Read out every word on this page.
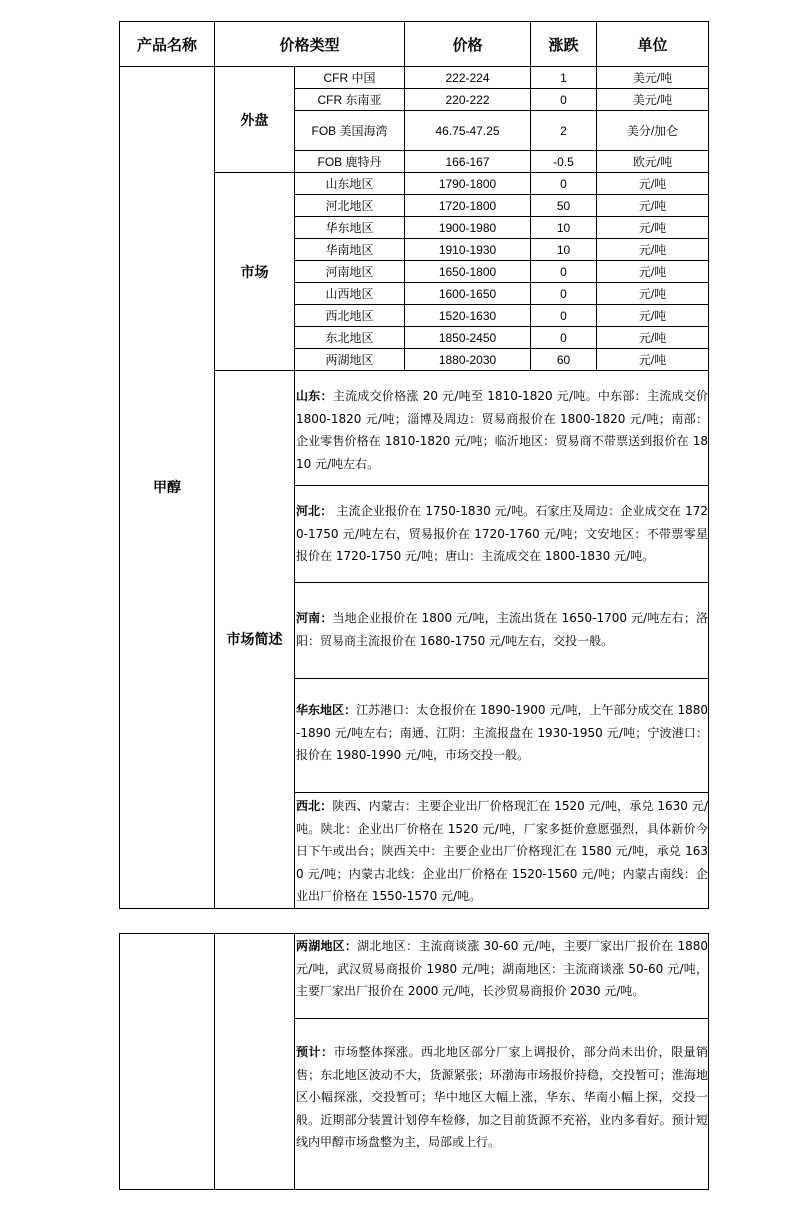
产品名称	价格类型		价格	涨跌	单位
甲醇	外盘	CFR 中国	222-224	1	美元/吨
		CFR 东南亚	220-222	0	美元/吨
		FOB 美国海湾	46.75-47.25	2	美分/加仑
		FOB 鹿特丹	166-167	-0.5	欧元/吨
	市场	山东地区	1790-1800	0	元/吨
		河北地区	1720-1800	50	元/吨
		华东地区	1900-1980	10	元/吨
		华南地区	1910-1930	10	元/吨
		河南地区	1650-1800	0	元/吨
		山西地区	1600-1650	0	元/吨
		西北地区	1520-1630	0	元/吨
		东北地区	1850-2450	0	元/吨
		两湖地区	1880-2030	60	元/吨
	市场简述	山东：主流成交价格涨 20 元/吨至 1810-1820 元/吨。中东部：主流成交价 1800-1820 元/吨；淄博及周边：贸易商报价在 1800-1820 元/吨；南部：企业零售价格在 1810-1820 元/吨；临沂地区：贸易商不带票送到报价在 1810 元/吨左右。			

		河北： 主流企业报价在 1750-1830 元/吨。石家庄及周边：企业成交在 1720-1750 元/吨左右，贸易报价在 1720-1760 元/吨；文安地区：不带票零星报价在 1720-1750 元/吨；唐山：主流成交在 1800-1830 元/吨。			

		河南：当地企业报价在 1800 元/吨，主流出货在 1650-1700 元/吨左右；洛阳：贸易商主流报价在 1680-1750 元/吨左右，交投一般。			

		华东地区：江苏港口：太仓报价在 1890-1900 元/吨，上午部分成交在 1880-1890 元/吨左右；南通、江阴：主流报盘在 1930-1950 元/吨；宁波港口：报价在 1980-1990 元/吨，市场交投一般。			

		西北：陕西、内蒙古：主要企业出厂价格现汇在 1520 元/吨，承兑 1630 元/吨。陕北：企业出厂价格在 1520 元/吨，厂家多挺价意愿强烈，具体新价今日下午或出台；陕西关中：主要企业出厂价格现汇在 1580 元/吨，承兑 1630 元/吨；内蒙古北线：企业出厂价格在 1520-1560 元/吨；内蒙古南线：企业出厂价格在 1550-1570 元/吨。			

两湖地区：湖北地区：主流商谈涨 30-60 元/吨，主要厂家出厂报价在 1880 元/吨，武汉贸易商报价 1980 元/吨；湖南地区：主流商谈涨 50-60 元/吨，主要厂家出厂报价在 2000 元/吨，长沙贸易商报价 2030 元/吨。

预计：市场整体探涨。西北地区部分厂家上调报价，部分尚未出价，限量销售；东北地区波动不大，货源紧张；环渤海市场报价持稳，交投暂可；淮海地区小幅探涨，交投暂可；华中地区大幅上涨，华东、华南小幅上探，交投一般。近期部分装置计划停车检修，加之目前货源不充裕，业内多看好。预计短线内甲醇市场盘整为主，局部或上行。
